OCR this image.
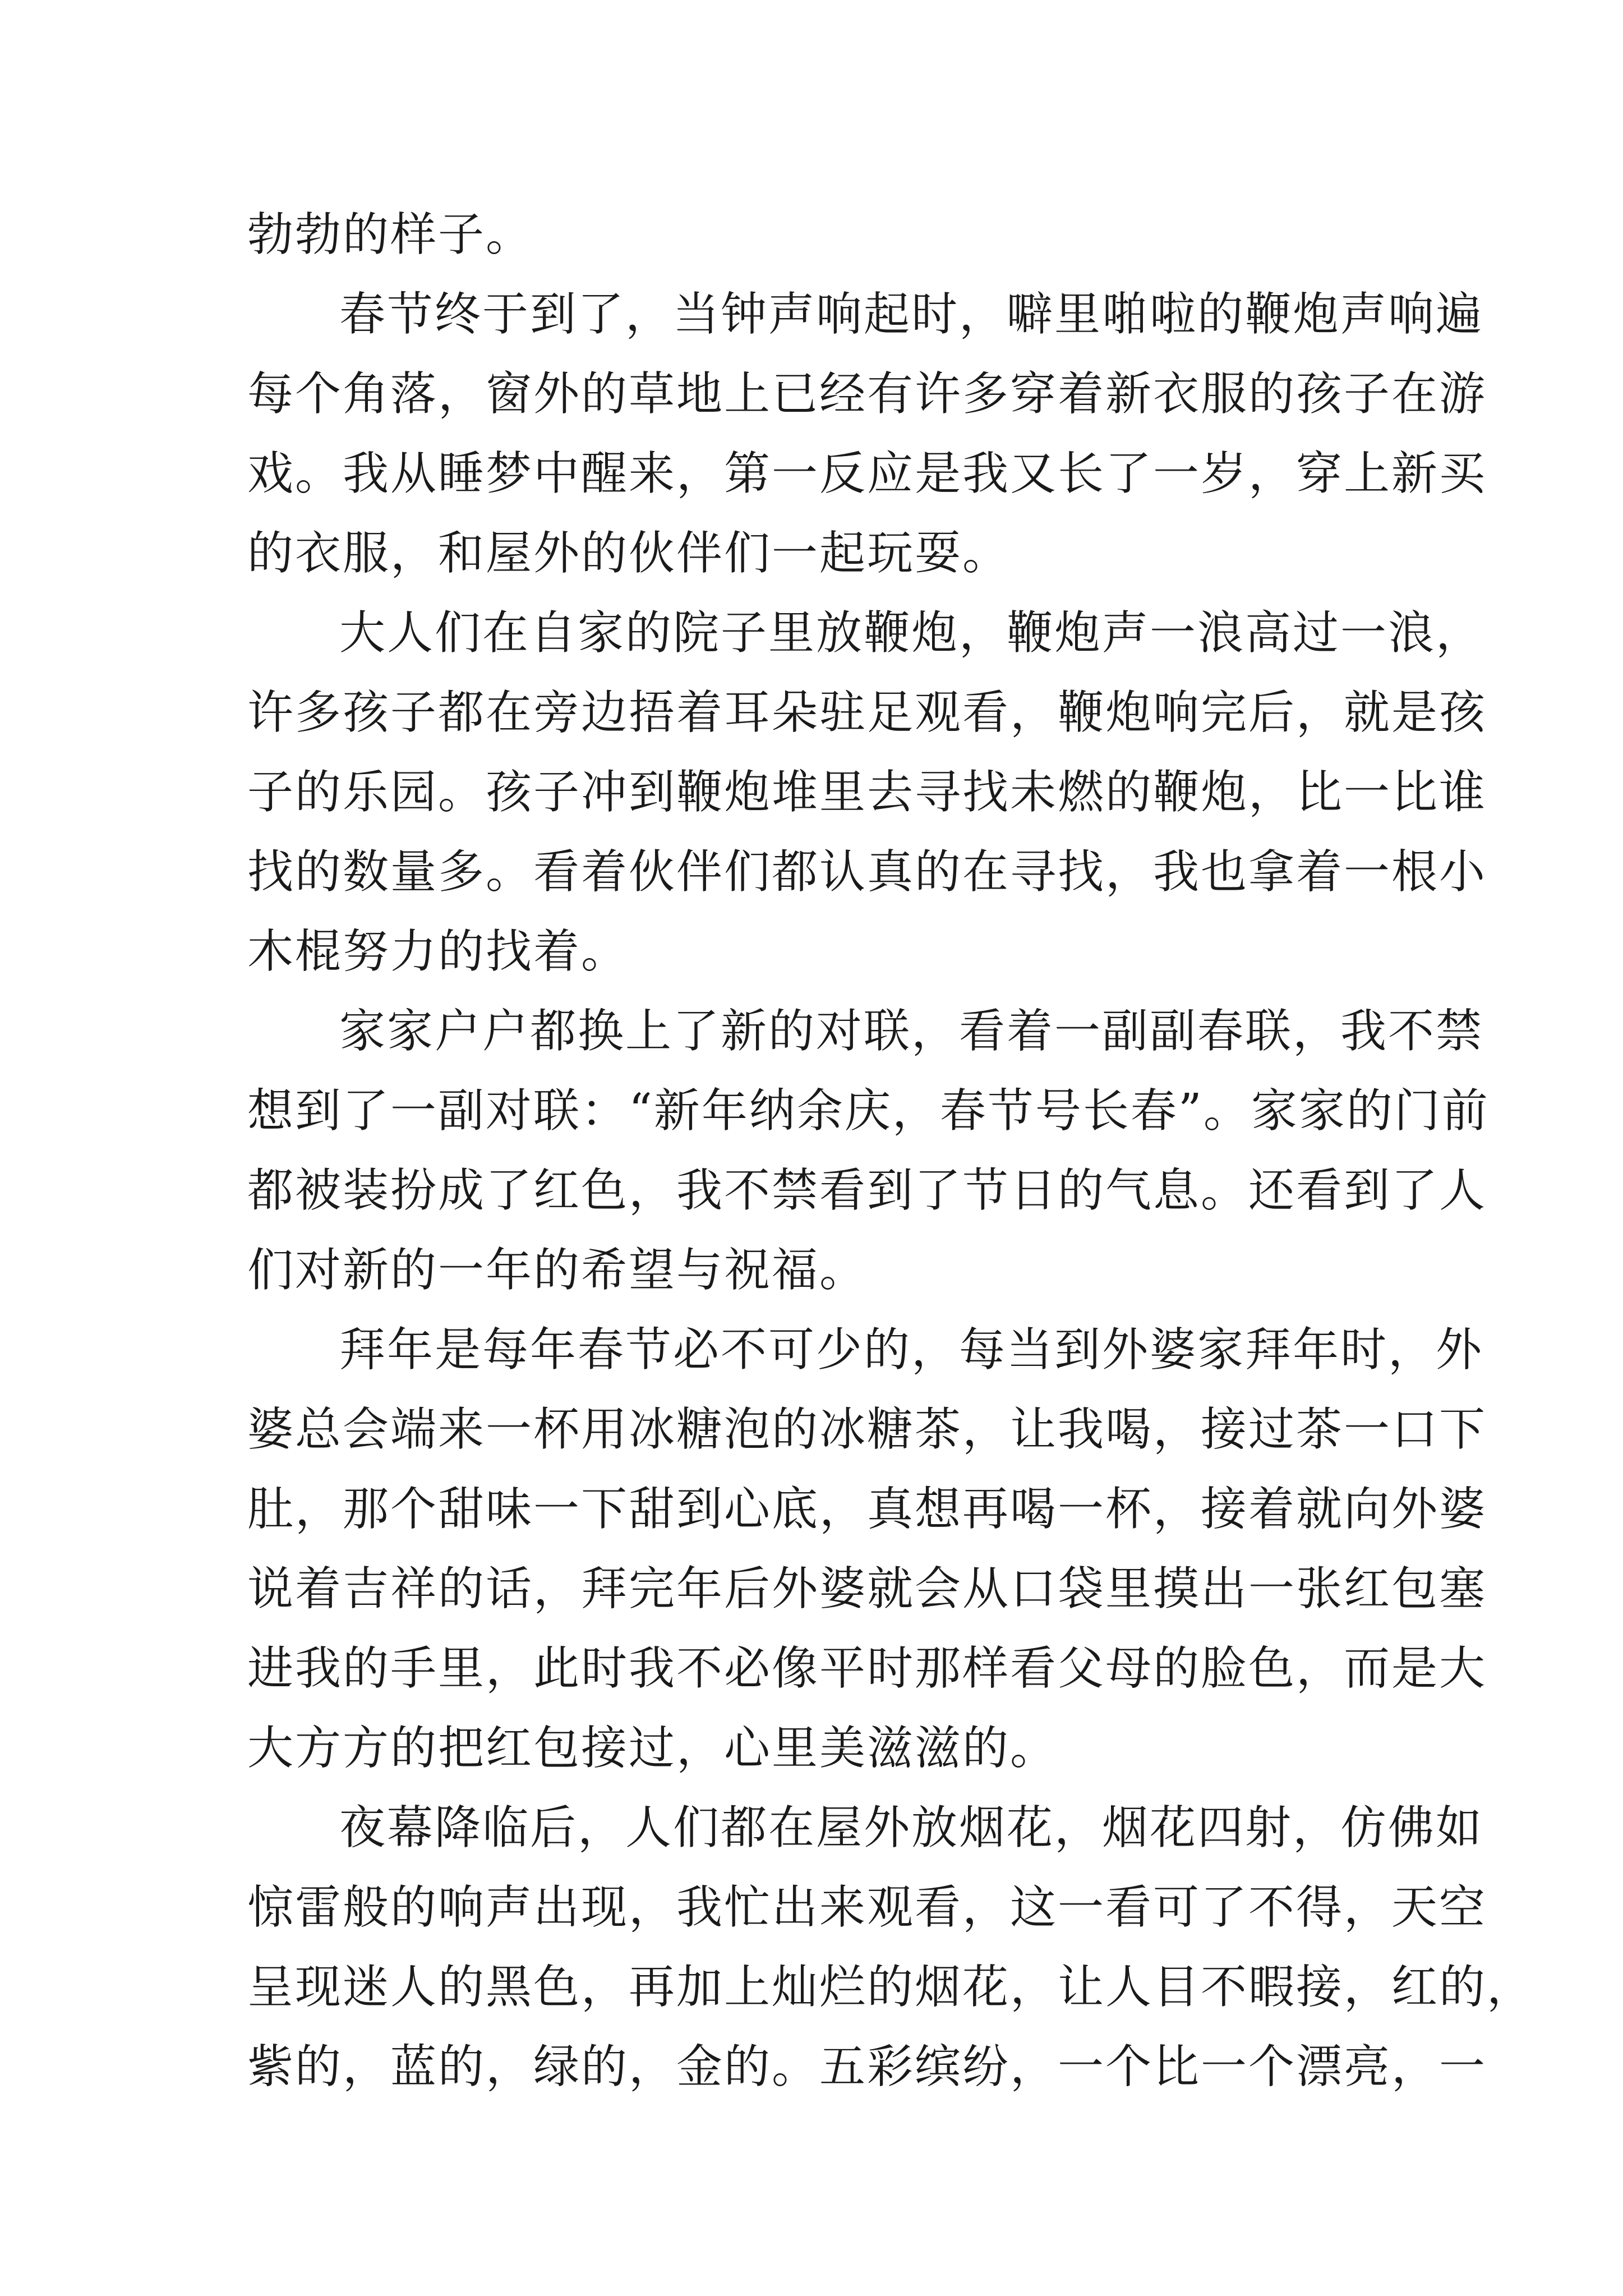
勃勃的样子。

春节终于到了，当钟声响起时，噼里啪啦的鞭炮声响遍
每个角落，窗外的草地上已经有许多穿着新衣服的孩子在游
戏。我从睡梦中醒来，第一反应是我又长了一岁，穿上新买
的衣服，和屋外的伙伴们一起玩耍。

大人们在自家的院子里放鞭炮，鞭炮声一浪高过一浪，
许多孩子都在旁边捂着耳朵驻足观看，鞭炮响完后，就是孩
子的乐园。孩子冲到鞭炮堆里去寻找未燃的鞭炮，比一比谁
找的数量多。看着伙伴们都认真的在寻找，我也拿着一根小
木棍努力的找着。

家家户户都换上了新的对联，看着一副副春联，我不禁
想到了一副对联：“新年纳余庆，春节号长春”。家家的门前
都被装扮成了红色，我不禁看到了节日的气息。还看到了人
们对新的一年的希望与祝福。

拜年是每年春节必不可少的，每当到外婆家拜年时，外
婆总会端来一杯用冰糖泡的冰糖茶，让我喝，接过茶一口下
肚，那个甜味一下甜到心底，真想再喝一杯，接着就向外婆
说着吉祥的话，拜完年后外婆就会从口袋里摸出一张红包塞
进我的手里，此时我不必像平时那样看父母的脸色，而是大
大方方的把红包接过，心里美滋滋的。

夜幕降临后，人们都在屋外放烟花，烟花四射，仿佛如
惊雷般的响声出现，我忙出来观看，这一看可了不得，天空
呈现迷人的黑色，再加上灿烂的烟花，让人目不暇接，红的，
紫的，蓝的，绿的，金的。五彩缤纷，一个比一个漂亮，一
